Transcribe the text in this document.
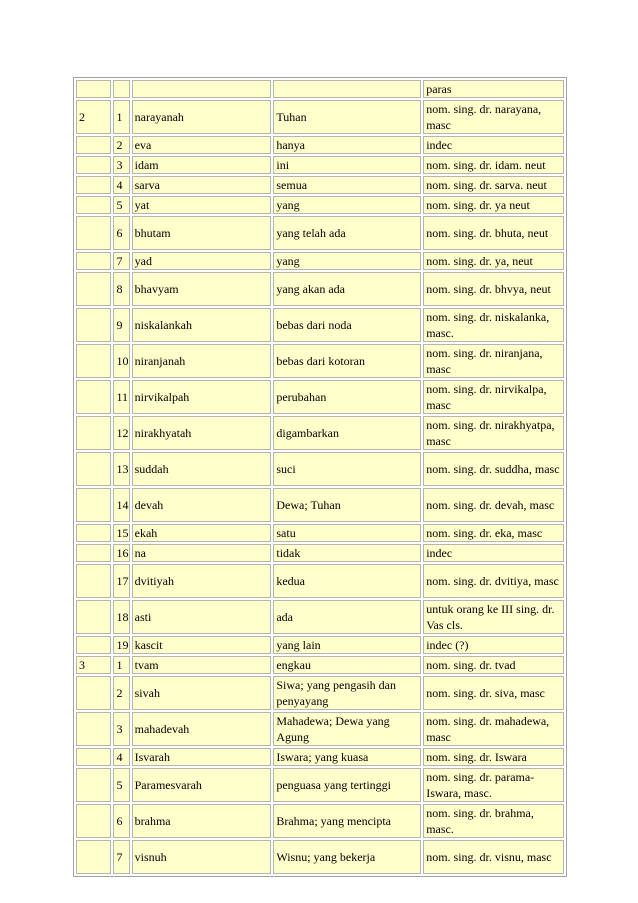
				paras
2	1	narayanah	Tuhan	nom. sing. dr. narayana, masc
	2	eva	hanya	indec
	3	idam	ini	nom. sing. dr. idam. neut
	4	sarva	semua	nom. sing. dr. sarva. neut
	5	yat	yang	nom. sing. dr. ya neut
	6	bhutam	yang telah ada	nom. sing. dr. bhuta, neut
	7	yad	yang	nom. sing. dr. ya, neut
	8	bhavyam	yang akan ada	nom. sing. dr. bhvya, neut
	9	niskalankah	bebas dari noda	nom. sing. dr. niskalanka, masc.
	10	niranjanah	bebas dari kotoran	nom. sing. dr. niranjana, masc
	11	nirvikalpah	perubahan	nom. sing. dr. nirvikalpa, masc
	12	nirakhyatah	digambarkan	nom. sing. dr. nirakhyatpa, masc
	13	suddah	suci	nom. sing. dr. suddha, masc
	14	devah	Dewa; Tuhan	nom. sing. dr. devah, masc
	15	ekah	satu	nom. sing. dr. eka, masc
	16	na	tidak	indec
	17	dvitiyah	kedua	nom. sing. dr. dvitiya, masc
	18	asti	ada	untuk orang ke III sing. dr. Vas cls.
	19	kascit	yang lain	indec (?)
3	1	tvam	engkau	nom. sing. dr. tvad
	2	sivah	Siwa; yang pengasih dan penyayang	nom. sing. dr. siva, masc
	3	mahadevah	Mahadewa; Dewa yang Agung	nom. sing. dr. mahadewa, masc
	4	Isvarah	Iswara; yang kuasa	nom. sing. dr. Iswara
	5	Paramesvarah	penguasa yang tertinggi	nom. sing. dr. parama-Iswara, masc.
	6	brahma	Brahma; yang mencipta	nom. sing. dr. brahma, masc.
	7	visnuh	Wisnu; yang bekerja	nom. sing. dr. visnu, masc
